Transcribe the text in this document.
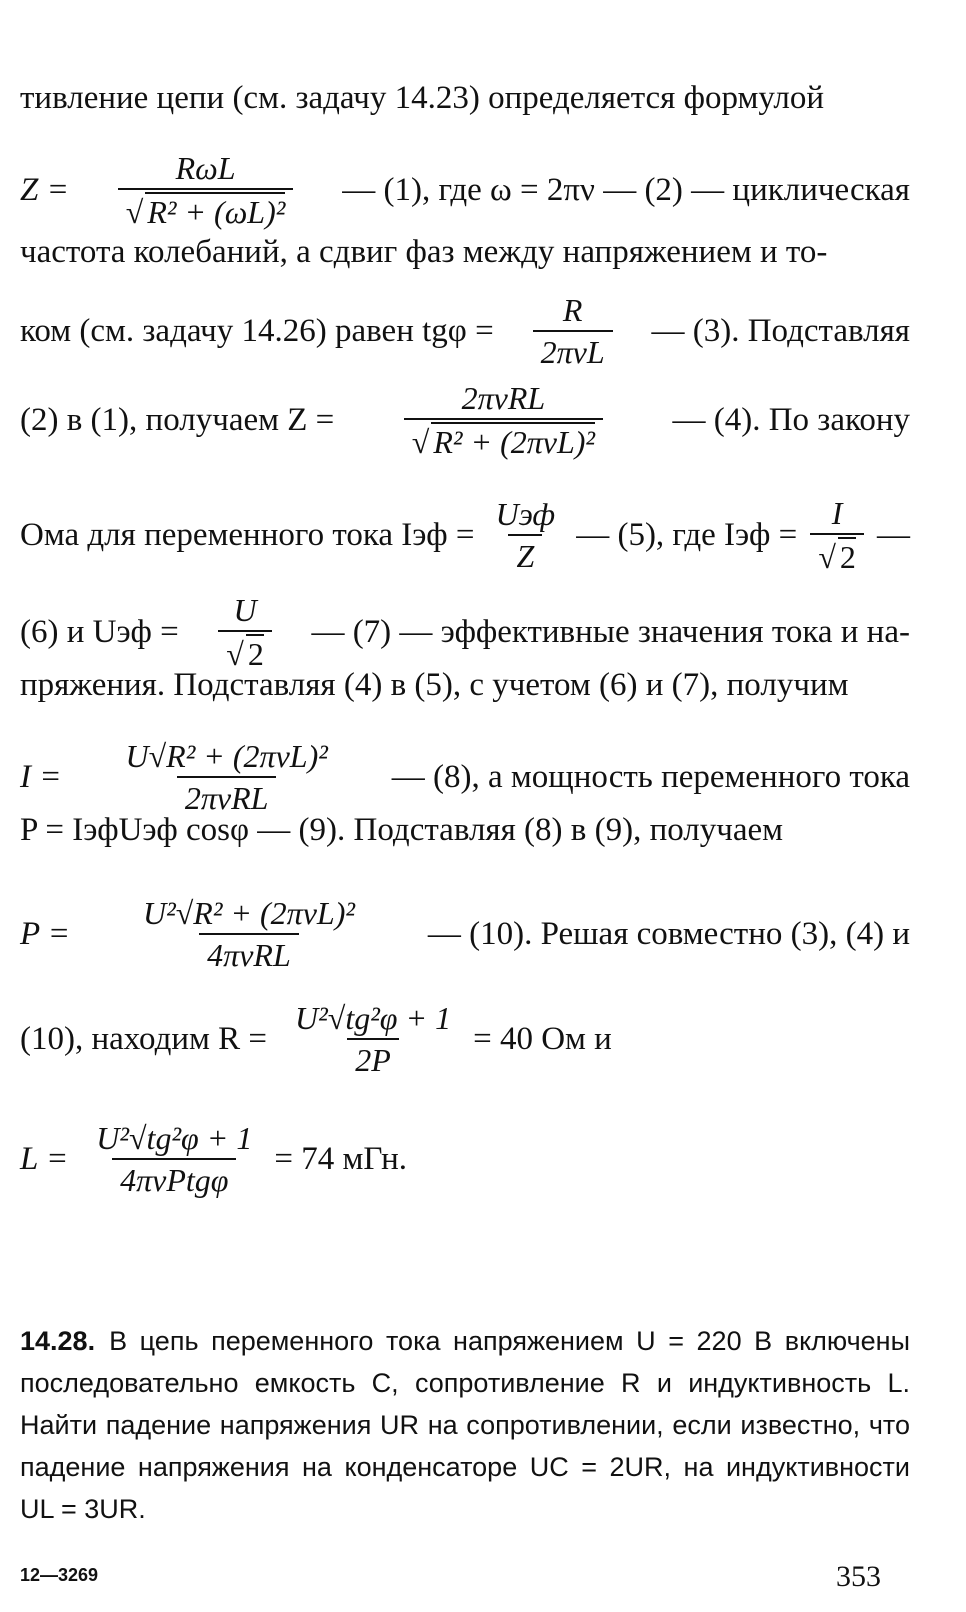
тивление цепи (см. задачу 14.23) определяется формулой
$Z = \frac{\text{RωL}}{\text{√ R² + (ωL)²}}$ — (1), где ω = 2πν — (2) — циклическая
частота колебаний, а сдвиг фаз между напряжением и то-
ком (см. задачу 14.26) равен $tg\varphi = \frac{R}{\text{2πνL}}$ — (3). Подставляя
(2) в (1), получаем $Z = \frac{\text{2πνRL}}{\text{√ R² + (2πνL)²}}$ — (4). По закону
Ома для переменного тока Iэф = $\frac{\text{Uэф}}{Z}$ — (5), где Iэф = $\frac{I}{√ 2}$ —
(6) и Uэф = $\frac{U}{√ 2}$ — (7) — эффективные значения тока и на-
пряжения. Подставляя (4) в (5), с учетом (6) и (7), получим
$I = \frac{\text{U√R² + (2πνL)²}}{\text{2πνRL}}$ — (8), а мощность переменного тока
P = IэфUэф cosφ — (9). Подставляя (8) в (9), получаем
$P = \frac{\text{U²√R² + (2πνL)²}}{\text{4πνRL}}$ — (10). Решая совместно (3), (4) и
(10), находим $R = \frac{\text{U²√tg²φ + 1}}{2P} = 40$ Ом и
$L = \frac{\text{U²√tg²φ + 1}}{\text{4πνPtgφ}} = 74$ мГн.
14.28. В цепь переменного тока напряжением U = 220 В включены последовательно емкость C, сопротивление R и индуктивность L. Найти падение напряжения UR на сопротивлении, если известно, что падение напряжения на конденсаторе UC = 2UR, на индуктивности UL = 3UR.
12—3269	353
